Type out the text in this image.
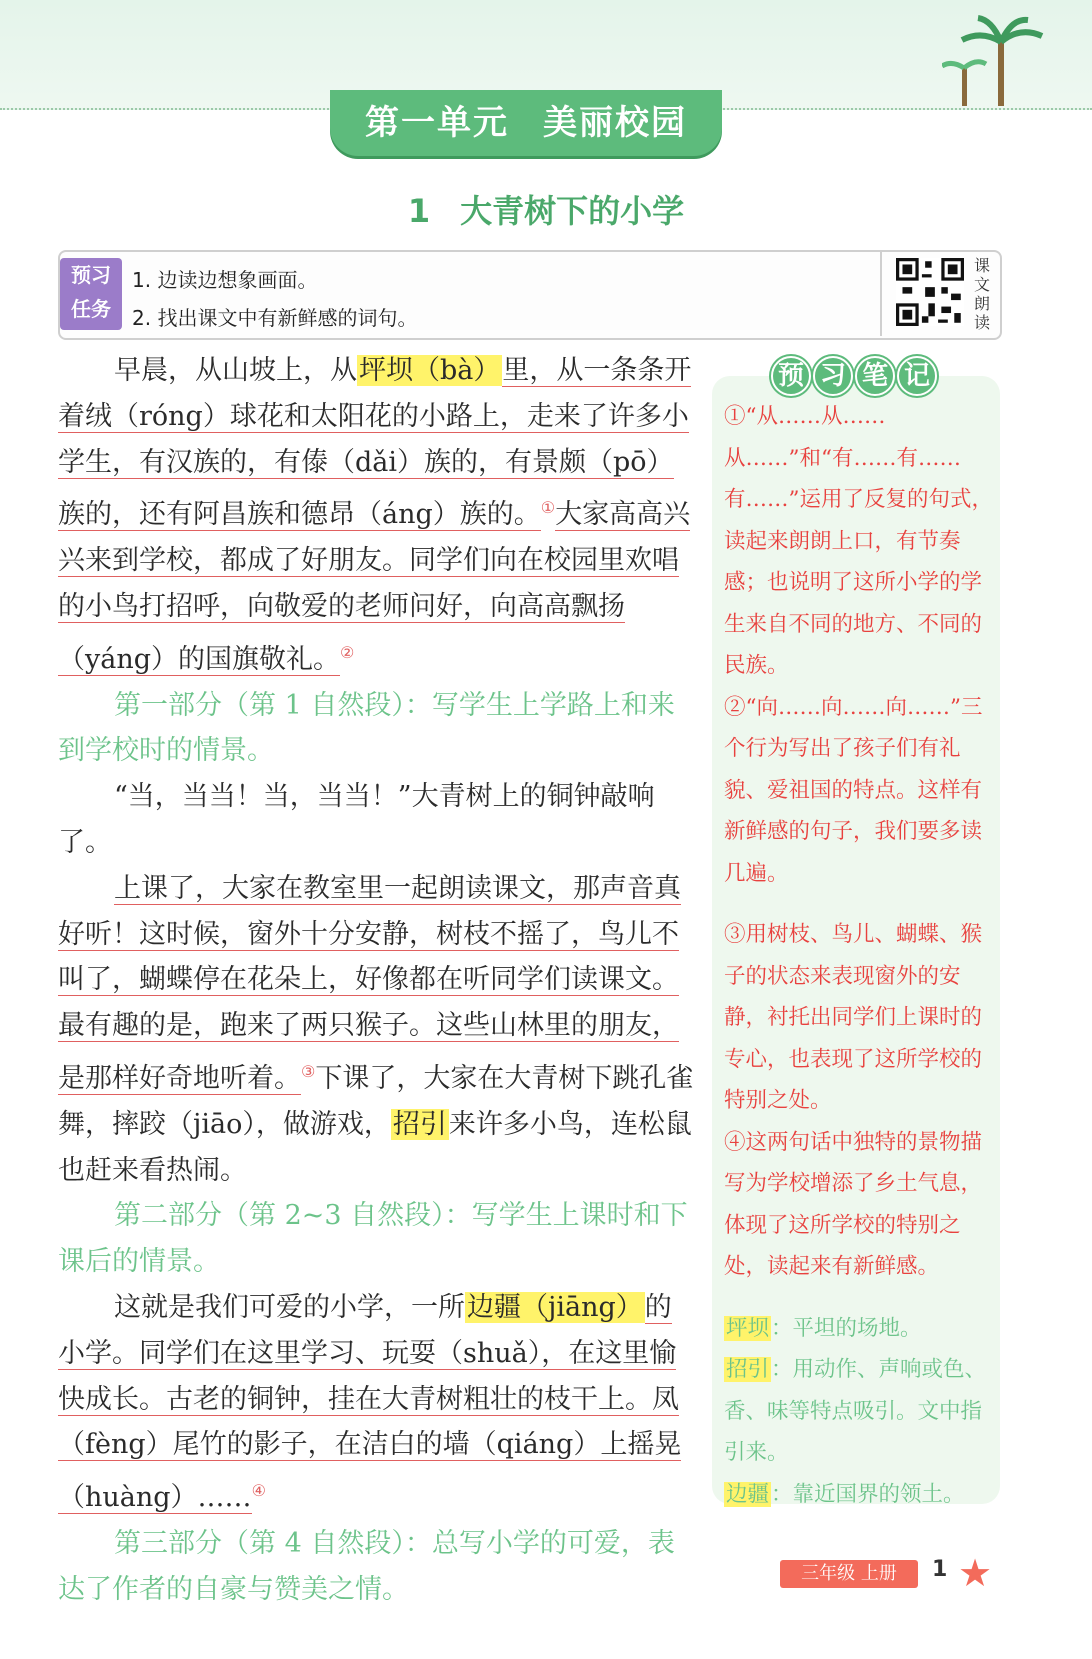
第一单元 美丽校园
1 大青树下的小学
预习
任务
1. 边读边想象画面。
2. 找出课文中有新鲜感的词句。
课文朗读

早晨，从山坡上，从坪坝（bà）里，从一条条开着绒（róng）球花和太阳花的小路上，走来了许多小学生，有汉族的，有傣（dǎi）族的，有景颇（pō）族的，还有阿昌族和德昂（áng）族的。①大家高高兴兴来到学校，都成了好朋友。同学们向在校园里欢唱的小鸟打招呼，向敬爱的老师问好，向高高飘扬（yáng）的国旗敬礼。②

第一部分（第 1 自然段）：写学生上学路上和来到学校时的情景。

“当，当当！当，当当！”大青树上的铜钟敲响了。

上课了，大家在教室里一起朗读课文，那声音真好听！这时候，窗外十分安静，树枝不摇了，鸟儿不叫了，蝴蝶停在花朵上，好像都在听同学们读课文。最有趣的是，跑来了两只猴子。这些山林里的朋友，是那样好奇地听着。③下课了，大家在大青树下跳孔雀舞，摔跤（jiāo），做游戏，招引来许多小鸟，连松鼠也赶来看热闹。

第二部分（第 2~3 自然段）：写学生上课时和下课后的情景。

这就是我们可爱的小学，一所边疆（jiāng）的小学。同学们在这里学习、玩耍（shuǎ），在这里愉快成长。古老的铜钟，挂在大青树粗壮的枝干上。凤（fèng）尾竹的影子，在洁白的墙（qiáng）上摇晃（huàng）……④

第三部分（第 4 自然段）：总写小学的可爱，表达了作者的自豪与赞美之情。

预 习 笔 记

①“从……从……从……”和“有……有……有……”运用了反复的句式，读起来朗朗上口，有节奏感；也说明了这所小学的学生来自不同的地方、不同的民族。

②“向……向……向……”三个行为写出了孩子们有礼貌、爱祖国的特点。这样有新鲜感的句子，我们要多读几遍。

③用树枝、鸟儿、蝴蝶、猴子的状态来表现窗外的安静，衬托出同学们上课时的专心，也表现了这所学校的特别之处。

④这两句话中独特的景物描写为学校增添了乡土气息，体现了这所学校的特别之处，读起来有新鲜感。

坪坝：平坦的场地。

招引：用动作、声响或色、香、味等特点吸引。文中指引来。

边疆：靠近国界的领土。

三年级 上册	1 ★
